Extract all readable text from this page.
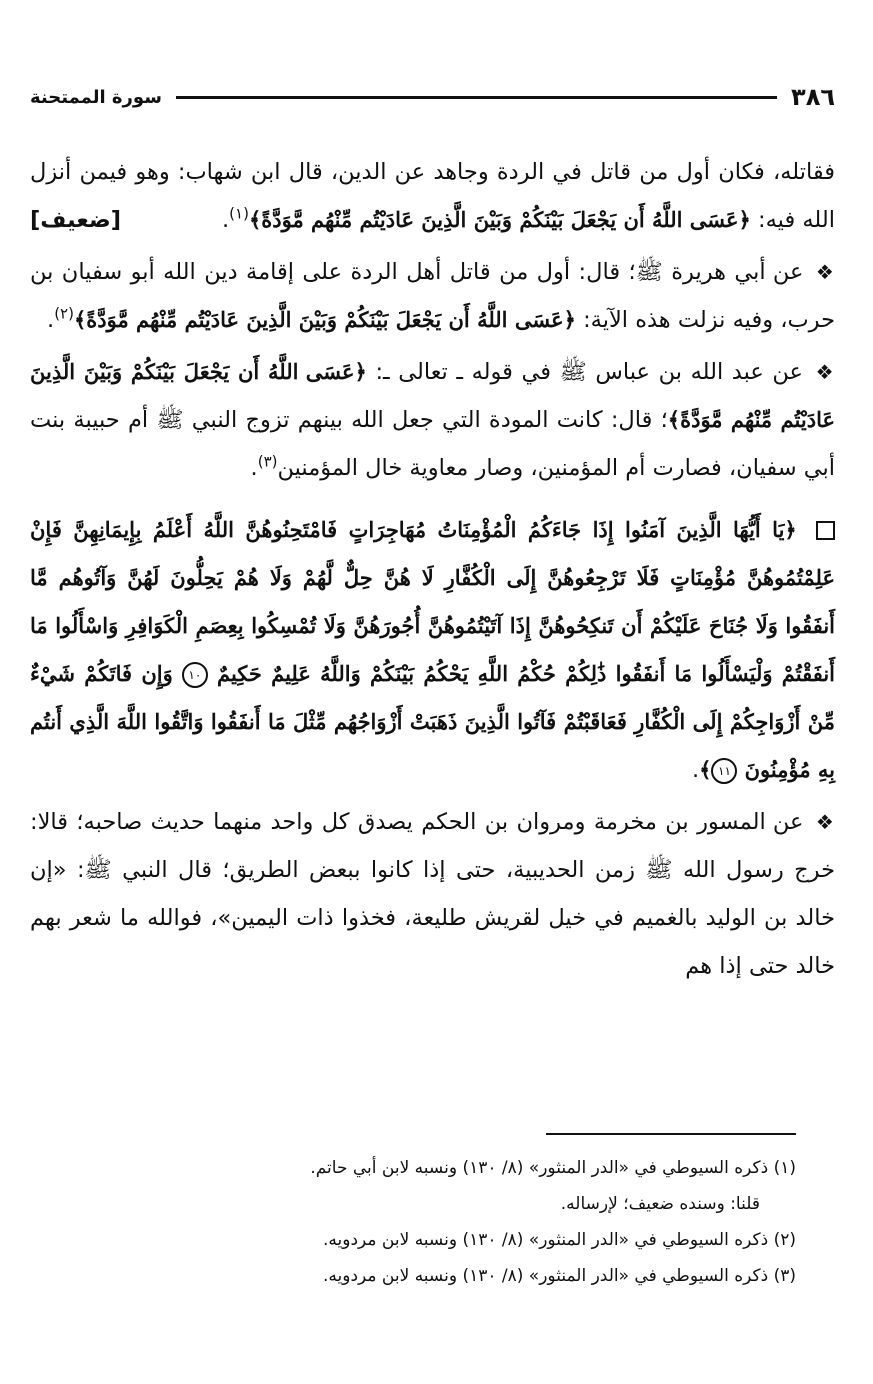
٣٨٦
سورة الممتحنة

فقاتله، فكان أول من قاتل في الردة وجاهد عن الدين، قال ابن شهاب: وهو فيمن أنزل الله فيه: ﴿عَسَى اللَّهُ أَن يَجْعَلَ بَيْنَكُمْ وَبَيْنَ الَّذِينَ عَادَيْتُم مِّنْهُم مَّوَدَّةً﴾$^{(١)}$.
[ضعيف]

❖ عن أبي هريرة ﷺ؛ قال: أول من قاتل أهل الردة على إقامة دين الله أبو سفيان بن حرب، وفيه نزلت هذه الآية: ﴿عَسَى اللَّهُ أَن يَجْعَلَ بَيْنَكُمْ وَبَيْنَ الَّذِينَ عَادَيْتُم مِّنْهُم مَّوَدَّةً﴾$^{(٢)}$.

❖ عن عبد الله بن عباس ﷺ في قوله ـ تعالى ـ: ﴿عَسَى اللَّهُ أَن يَجْعَلَ بَيْنَكُمْ وَبَيْنَ الَّذِينَ عَادَيْتُم مِّنْهُم مَّوَدَّةً﴾؛ قال: كانت المودة التي جعل الله بينهم تزوج النبي ﷺ أم حبيبة بنت أبي سفيان، فصارت أم المؤمنين، وصار معاوية خال المؤمنين$^{(٣)}$.

﴿يَا أَيُّهَا الَّذِينَ آمَنُوا إِذَا جَاءَكُمُ الْمُؤْمِنَاتُ مُهَاجِرَاتٍ فَامْتَحِنُوهُنَّ اللَّهُ أَعْلَمُ بِإِيمَانِهِنَّ فَإِنْ عَلِمْتُمُوهُنَّ مُؤْمِنَاتٍ فَلَا تَرْجِعُوهُنَّ إِلَى الْكُفَّارِ لَا هُنَّ حِلٌّ لَّهُمْ وَلَا هُمْ يَحِلُّونَ لَهُنَّ وَآتُوهُم مَّا أَنفَقُوا وَلَا جُنَاحَ عَلَيْكُمْ أَن تَنكِحُوهُنَّ إِذَا آتَيْتُمُوهُنَّ أُجُورَهُنَّ وَلَا تُمْسِكُوا بِعِصَمِ الْكَوَافِرِ وَاسْأَلُوا مَا أَنفَقْتُمْ وَلْيَسْأَلُوا مَا أَنفَقُوا ذَٰلِكُمْ حُكْمُ اللَّهِ يَحْكُمُ بَيْنَكُمْ وَاللَّهُ عَلِيمٌ حَكِيمٌ ١٠ وَإِن فَاتَكُمْ شَيْءٌ مِّنْ أَزْوَاجِكُمْ إِلَى الْكُفَّارِ فَعَاقَبْتُمْ فَآتُوا الَّذِينَ ذَهَبَتْ أَزْوَاجُهُم مِّثْلَ مَا أَنفَقُوا وَاتَّقُوا اللَّهَ الَّذِي أَنتُم بِهِ مُؤْمِنُونَ ١١﴾.

❖ عن المسور بن مخرمة ومروان بن الحكم يصدق كل واحد منهما حديث صاحبه؛ قالا: خرج رسول الله ﷺ زمن الحديبية، حتى إذا كانوا ببعض الطريق؛ قال النبي ﷺ: «إن خالد بن الوليد بالغميم في خيل لقريش طليعة، فخذوا ذات اليمين»، فوالله ما شعر بهم خالد حتى إذا هم

(١) ذكره السيوطي في «الدر المنثور» (٨/ ١٣٠) ونسبه لابن أبي حاتم.

قلنا: وسنده ضعيف؛ لإرساله.

(٢) ذكره السيوطي في «الدر المنثور» (٨/ ١٣٠) ونسبه لابن مردويه.

(٣) ذكره السيوطي في «الدر المنثور» (٨/ ١٣٠) ونسبه لابن مردويه.
